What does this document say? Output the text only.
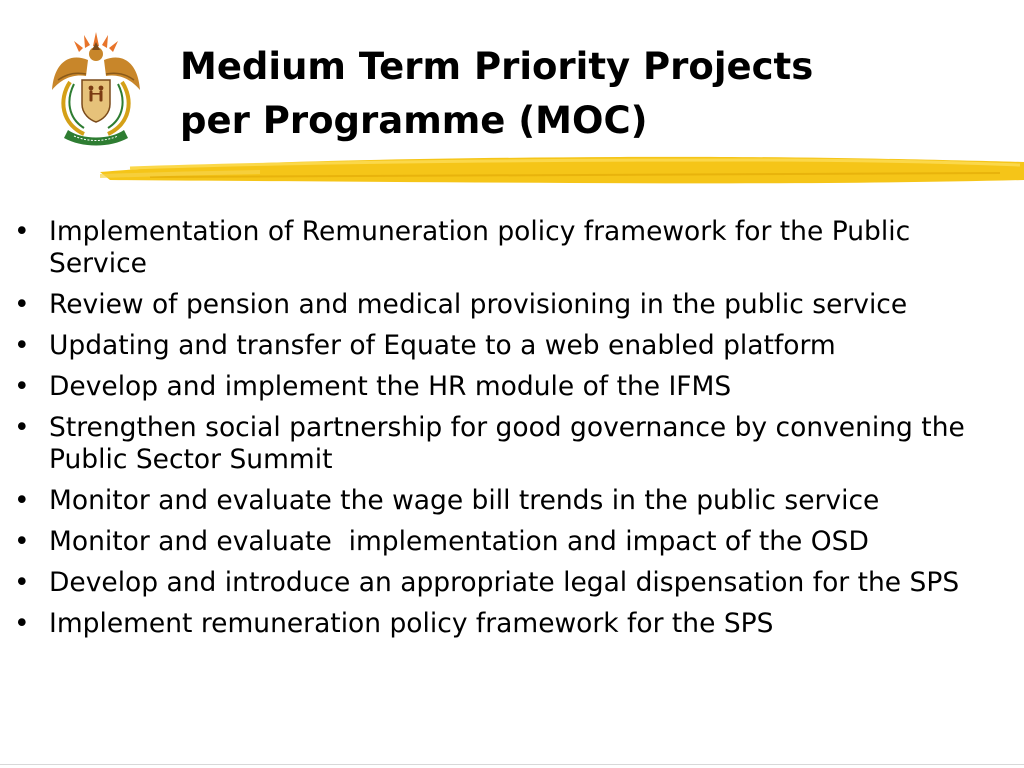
Medium Term Priority Projects
per Programme (MOC)
• Implementation of Remuneration policy framework for the Public Service
• Review of pension and medical provisioning in the public service
• Updating and transfer of Equate to a web enabled platform
• Develop and implement the HR module of the IFMS
• Strengthen social partnership for good governance by convening the Public Sector Summit
• Monitor and evaluate the wage bill trends in the public service
• Monitor and evaluate  implementation and impact of the OSD
• Develop and introduce an appropriate legal dispensation for the SPS
• Implement remuneration policy framework for the SPS
